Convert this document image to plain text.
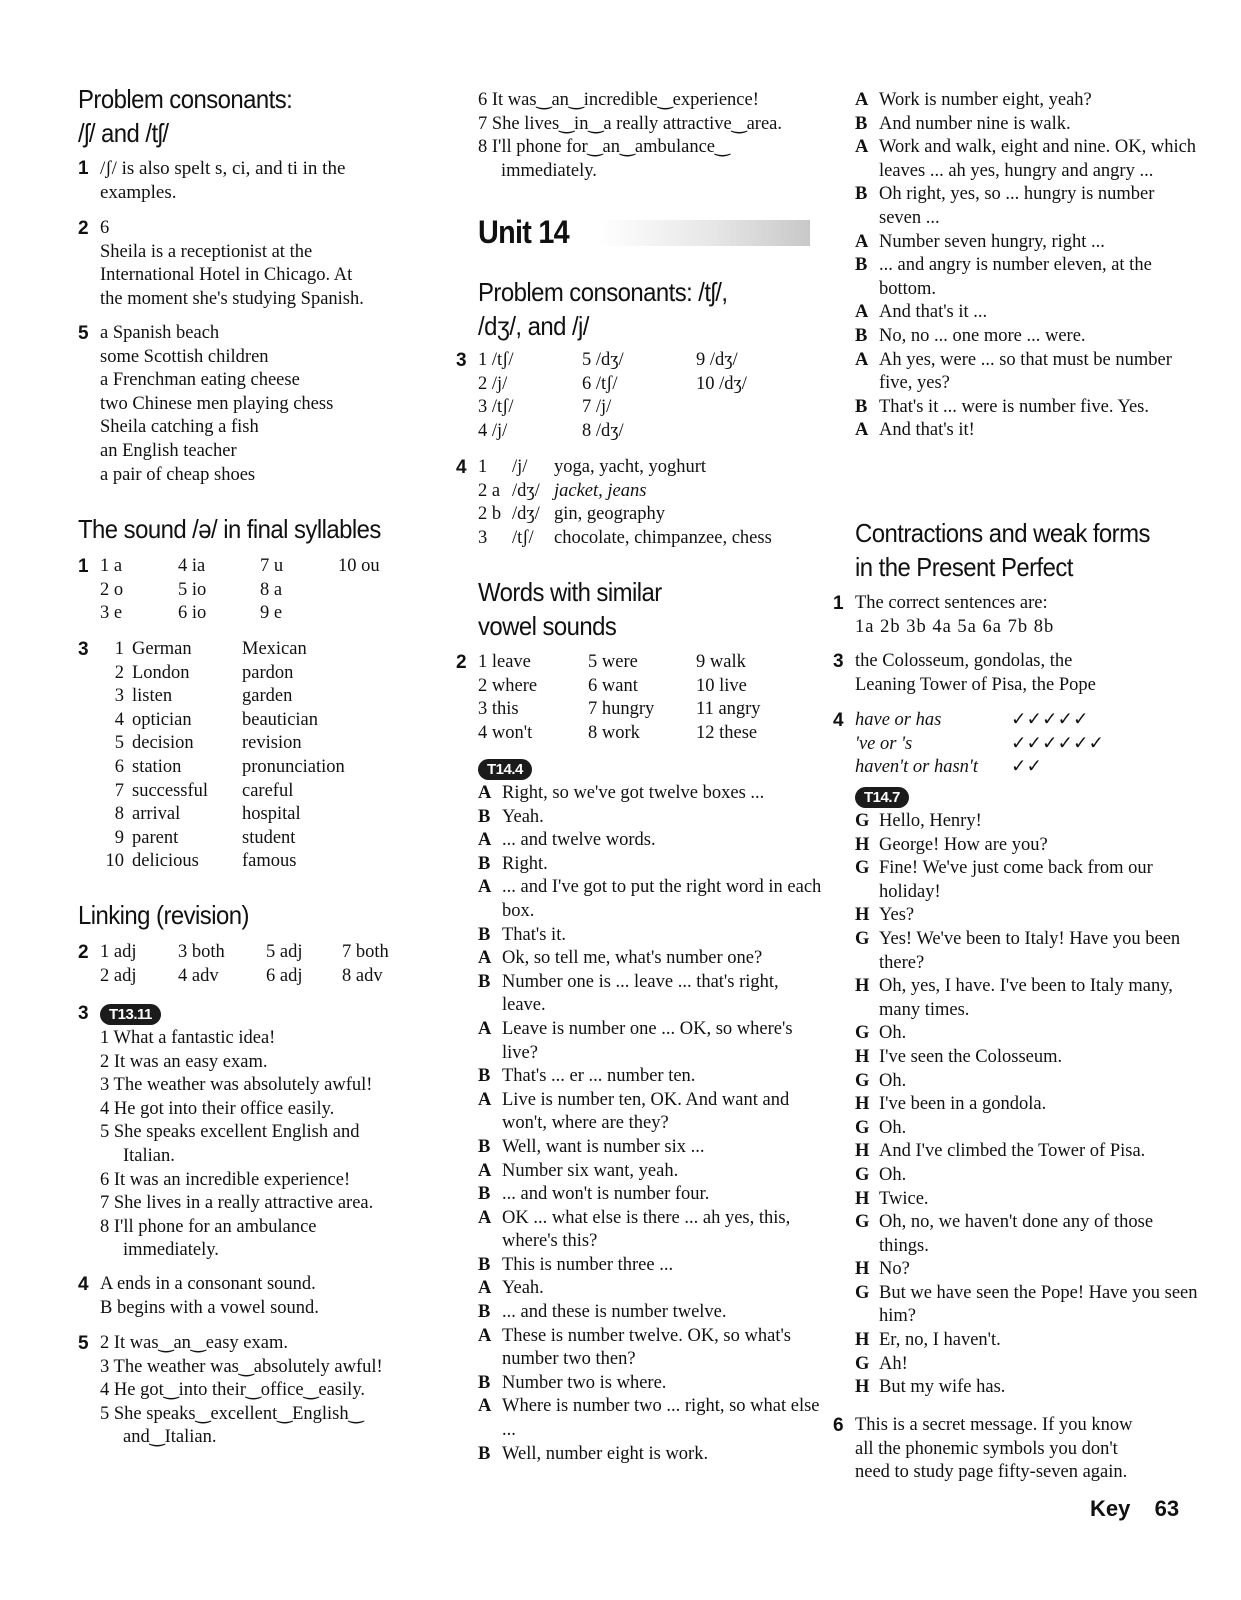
Problem consonants:
/ʃ/ and /tʃ/
1 /ʃ/ is also spelt s, ci, and ti in the examples.
2 6
Sheila is a receptionist at the
International Hotel in Chicago. At
the moment she's studying Spanish.
5 a Spanish beach
some Scottish children
a Frenchman eating cheese
two Chinese men playing chess
Sheila catching a fish
an English teacher
a pair of cheap shoes
The sound /ə/ in final syllables
1 1 a	4 ia	7 u	10 ou
2 o	5 io	8 a
3 e	6 io	9 e
3	1 German	Mexican
2 London	pardon
3 listen	garden
4 optician	beautician
5 decision	revision
6 station	pronunciation
7 successful	careful
8 arrival	hospital
9 parent	student
10 delicious	famous
Linking (revision)
2 1 adj	3 both	5 adj	7 both
2 adj	4 adv	6 adj	8 adv
3	T13.11
1 What a fantastic idea!
2 It was an easy exam.
3 The weather was absolutely awful!
4 He got into their office easily.
5 She speaks excellent English and
Italian.
6 It was an incredible experience!
7 She lives in a really attractive area.
8 I'll phone for an ambulance
immediately.
4 A ends in a consonant sound.
B begins with a vowel sound.
5 2 It was‿an‿easy exam.
3 The weather was‿absolutely awful!
4 He got‿into their‿office‿easily.
5 She speaks‿excellent‿English‿
and‿Italian.
6 It was‿an‿incredible‿experience!
7 She lives‿in‿a really attractive‿area.
8 I'll phone for‿an‿ambulance‿
immediately.
Unit 14
Problem consonants: /tʃ/,
/dʒ/, and /j/
3 1 /tʃ/	5 /dʒ/	9 /dʒ/
2 /j/	6 /tʃ/	10 /dʒ/
3 /tʃ/	7 /j/
4 /j/	8 /dʒ/
4 1	/j/	yoga, yacht, yoghurt
2 a /dʒ/ jacket, jeans
2 b /dʒ/ gin, geography
3	/tʃ/	chocolate, chimpanzee, chess
Words with similar
vowel sounds
2 1 leave	5 were	9 walk
2 where	6 want	10 live
3 this	7 hungry	11 angry
4 won't	8 work	12 these
T14.4
A Right, so we've got twelve boxes ...
B Yeah.
A ... and twelve words.
B Right.
A ... and I've got to put the right word in each box.
B That's it.
A Ok, so tell me, what's number one?
B Number one is ... leave ... that's right, leave.
A Leave is number one ... OK, so where's live?
B That's ... er ... number ten.
A Live is number ten, OK. And want and won't, where are they?
B Well, want is number six ...
A Number six want, yeah.
B ... and won't is number four.
A OK ... what else is there ... ah yes, this, where's this?
B This is number three ...
A Yeah.
B ... and these is number twelve.
A These is number twelve. OK, so what's number two then?
B Number two is where.
A Where is number two ... right, so what else ...
B Well, number eight is work.
A Work is number eight, yeah?
B And number nine is walk.
A Work and walk, eight and nine. OK, which leaves ... ah yes, hungry and angry ...
B Oh right, yes, so ... hungry is number seven ...
A Number seven hungry, right ...
B ... and angry is number eleven, at the bottom.
A And that's it ...
B No, no ... one more ... were.
A Ah yes, were ... so that must be number five, yes?
B That's it ... were is number five. Yes.
A And that's it!
Contractions and weak forms
in the Present Perfect
1 The correct sentences are:
1a 2b 3b 4a 5a 6a 7b 8b
3 the Colosseum, gondolas, the
Leaning Tower of Pisa, the Pope
4 have or has	✓✓✓✓✓
've or 's	✓✓✓✓✓✓
haven't or hasn't	✓✓
T14.7
G Hello, Henry!
H George! How are you?
G Fine! We've just come back from our holiday!
H Yes?
G Yes! We've been to Italy! Have you been there?
H Oh, yes, I have. I've been to Italy many, many times.
G Oh.
H I've seen the Colosseum.
G Oh.
H I've been in a gondola.
G Oh.
H And I've climbed the Tower of Pisa.
G Oh.
H Twice.
G Oh, no, we haven't done any of those things.
H No?
G But we have seen the Pope! Have you seen him?
H Er, no, I haven't.
G Ah!
H But my wife has.
6 This is a secret message. If you know
all the phonemic symbols you don't
need to study page fifty-seven again.
Key 63
